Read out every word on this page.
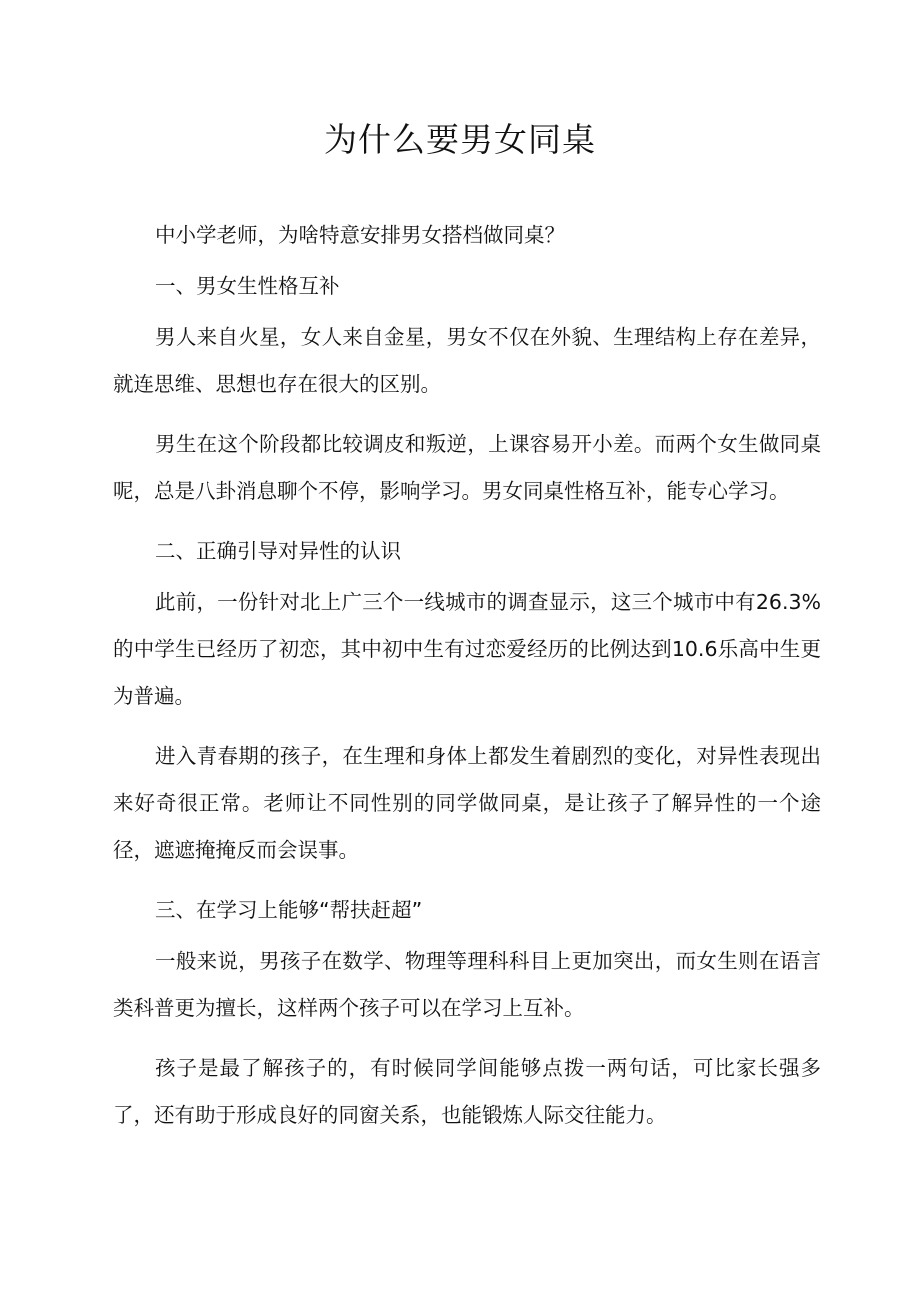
为什么要男女同桌

中小学老师，为啥特意安排男女搭档做同桌？

一、男女生性格互补

男人来自火星，女人来自金星，男女不仅在外貌、生理结构上存在差异，就连思维、思想也存在很大的区别。

男生在这个阶段都比较调皮和叛逆，上课容易开小差。而两个女生做同桌呢，总是八卦消息聊个不停，影响学习。男女同桌性格互补，能专心学习。

二、正确引导对异性的认识

此前，一份针对北上广三个一线城市的调查显示，这三个城市中有26.3%的中学生已经历了初恋，其中初中生有过恋爱经历的比例达到10.6乐高中生更为普遍。

进入青春期的孩子，在生理和身体上都发生着剧烈的变化，对异性表现出来好奇很正常。老师让不同性别的同学做同桌，是让孩子了解异性的一个途径，遮遮掩掩反而会误事。

三、在学习上能够“帮扶赶超”

一般来说，男孩子在数学、物理等理科科目上更加突出，而女生则在语言类科普更为擅长，这样两个孩子可以在学习上互补。

孩子是最了解孩子的，有时候同学间能够点拨一两句话，可比家长强多了，还有助于形成良好的同窗关系，也能锻炼人际交往能力。
